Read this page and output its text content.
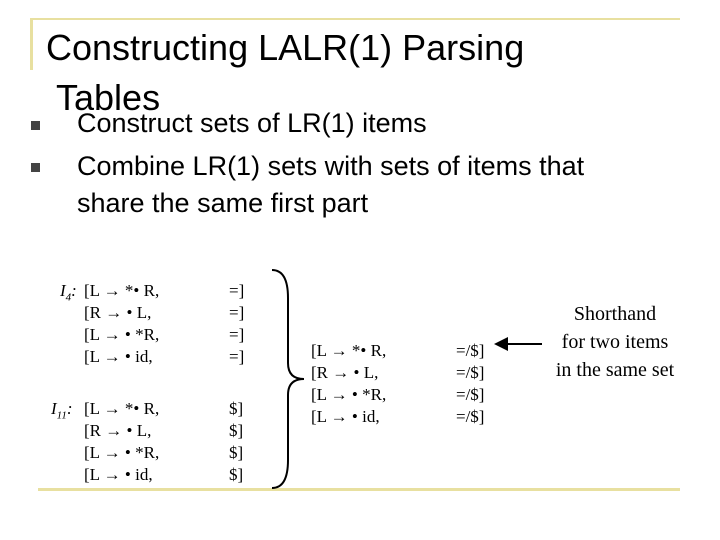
Constructing LALR(1) Parsing
Tables
Construct sets of LR(1) items
Combine LR(1) sets with sets of items that
share the same first part
$I_4$: [L → *• R,
[R → • L,
[L → • *R,
[L → • id,
=]
=]
=]
=]
$I_{11}$: [L → *• R,
[R → • L,
[L → • *R,
[L → • id,
$]
$]
$]
$]
[L → *• R,
[R → • L,
[L → • *R,
[L → • id,
=/$]
=/$]
=/$]
=/$]
Shorthand
for two items
in the same set
